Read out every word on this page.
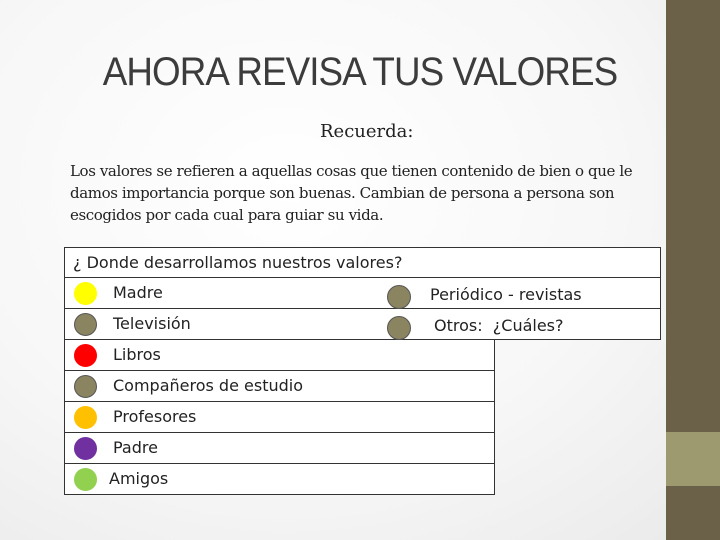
AHORA REVISA TUS VALORES
Recuerda:
Los valores se refieren a aquellas cosas que tienen contenido de bien o que le damos importancia porque son buenas. Cambian de persona a persona son escogidos por cada cual para guiar su vida.
¿ Donde desarrollamos nuestros valores?
Madre
Televisión
Libros
Compañeros de estudio
Profesores
Padre
Amigos
Periódico - revistas
Otros:  ¿Cuáles?
